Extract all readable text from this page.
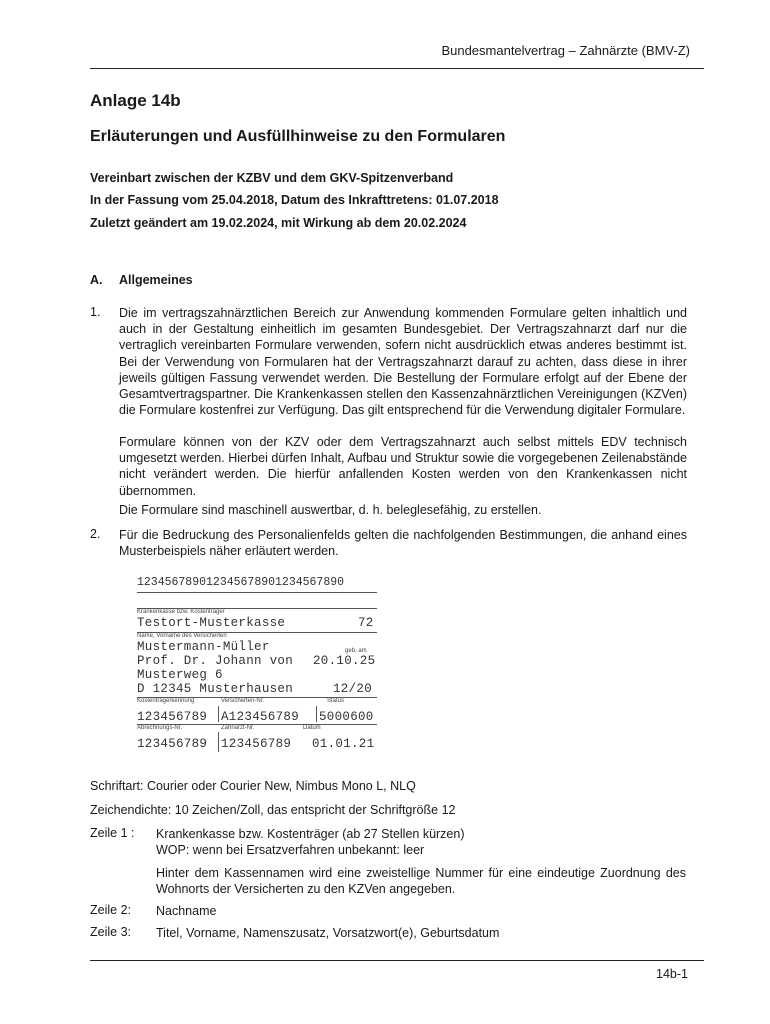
Bundesmantelvertrag – Zahnärzte (BMV-Z)
Anlage 14b
Erläuterungen und Ausfüllhinweise zu den Formularen
Vereinbart zwischen der KZBV und dem GKV-Spitzenverband
In der Fassung vom 25.04.2018, Datum des Inkrafttretens: 01.07.2018
Zuletzt geändert am 19.02.2024, mit Wirkung ab dem 20.02.2024
A. Allgemeines
1. Die im vertragszahnärztlichen Bereich zur Anwendung kommenden Formulare gelten inhaltlich und auch in der Gestaltung einheitlich im gesamten Bundesgebiet. Der Vertragszahnarzt darf nur die vertraglich vereinbarten Formulare verwenden, sofern nicht ausdrücklich etwas anderes bestimmt ist. Bei der Verwendung von Formularen hat der Vertragszahnarzt darauf zu achten, dass diese in ihrer jeweils gültigen Fassung verwendet werden. Die Bestellung der Formulare erfolgt auf der Ebene der Gesamtvertragspartner. Die Krankenkassen stellen den Kassenzahnärztlichen Vereinigungen (KZVen) die Formulare kostenfrei zur Verfügung. Das gilt entsprechend für die Verwendung digitaler Formulare.
Formulare können von der KZV oder dem Vertragszahnarzt auch selbst mittels EDV technisch umgesetzt werden. Hierbei dürfen Inhalt, Aufbau und Struktur sowie die vorgegebenen Zeilenabstände nicht verändert werden. Die hierfür anfallenden Kosten werden von den Krankenkassen nicht übernommen.
Die Formulare sind maschinell auswertbar, d. h. beleglesefähig, zu erstellen.
2. Für die Bedruckung des Personalienfelds gelten die nachfolgenden Bestimmungen, die anhand eines Musterbeispiels näher erläutert werden.
123456789012345678901234567890
Krankenkasse bzw. Kostenträger
Testort-Musterkasse	72
Name, Vorname des Versicherten
Mustermann-Müller	geb. am
Prof. Dr. Johann von 20.10.25
Musterweg 6
D 12345 Musterhausen	12/20
Kostenträgerkennung	Versicherten-Nr.	Status
123456789 A123456789 5000600
Abrechnungs-Nr.	Zahnarzt-Nr.	Datum
123456789 123456789 01.01.21
Schriftart: Courier oder Courier New, Nimbus Mono L, NLQ
Zeichendichte: 10 Zeichen/Zoll, das entspricht der Schriftgröße 12
Zeile 1 : Krankenkasse bzw. Kostenträger (ab 27 Stellen kürzen)
WOP: wenn bei Ersatzverfahren unbekannt: leer
Hinter dem Kassennamen wird eine zweistellige Nummer für eine eindeutige Zuordnung des Wohnorts der Versicherten zu den KZVen angegeben.
Zeile 2: Nachname
Zeile 3: Titel, Vorname, Namenszusatz, Vorsatzwort(e), Geburtsdatum
14b-1
